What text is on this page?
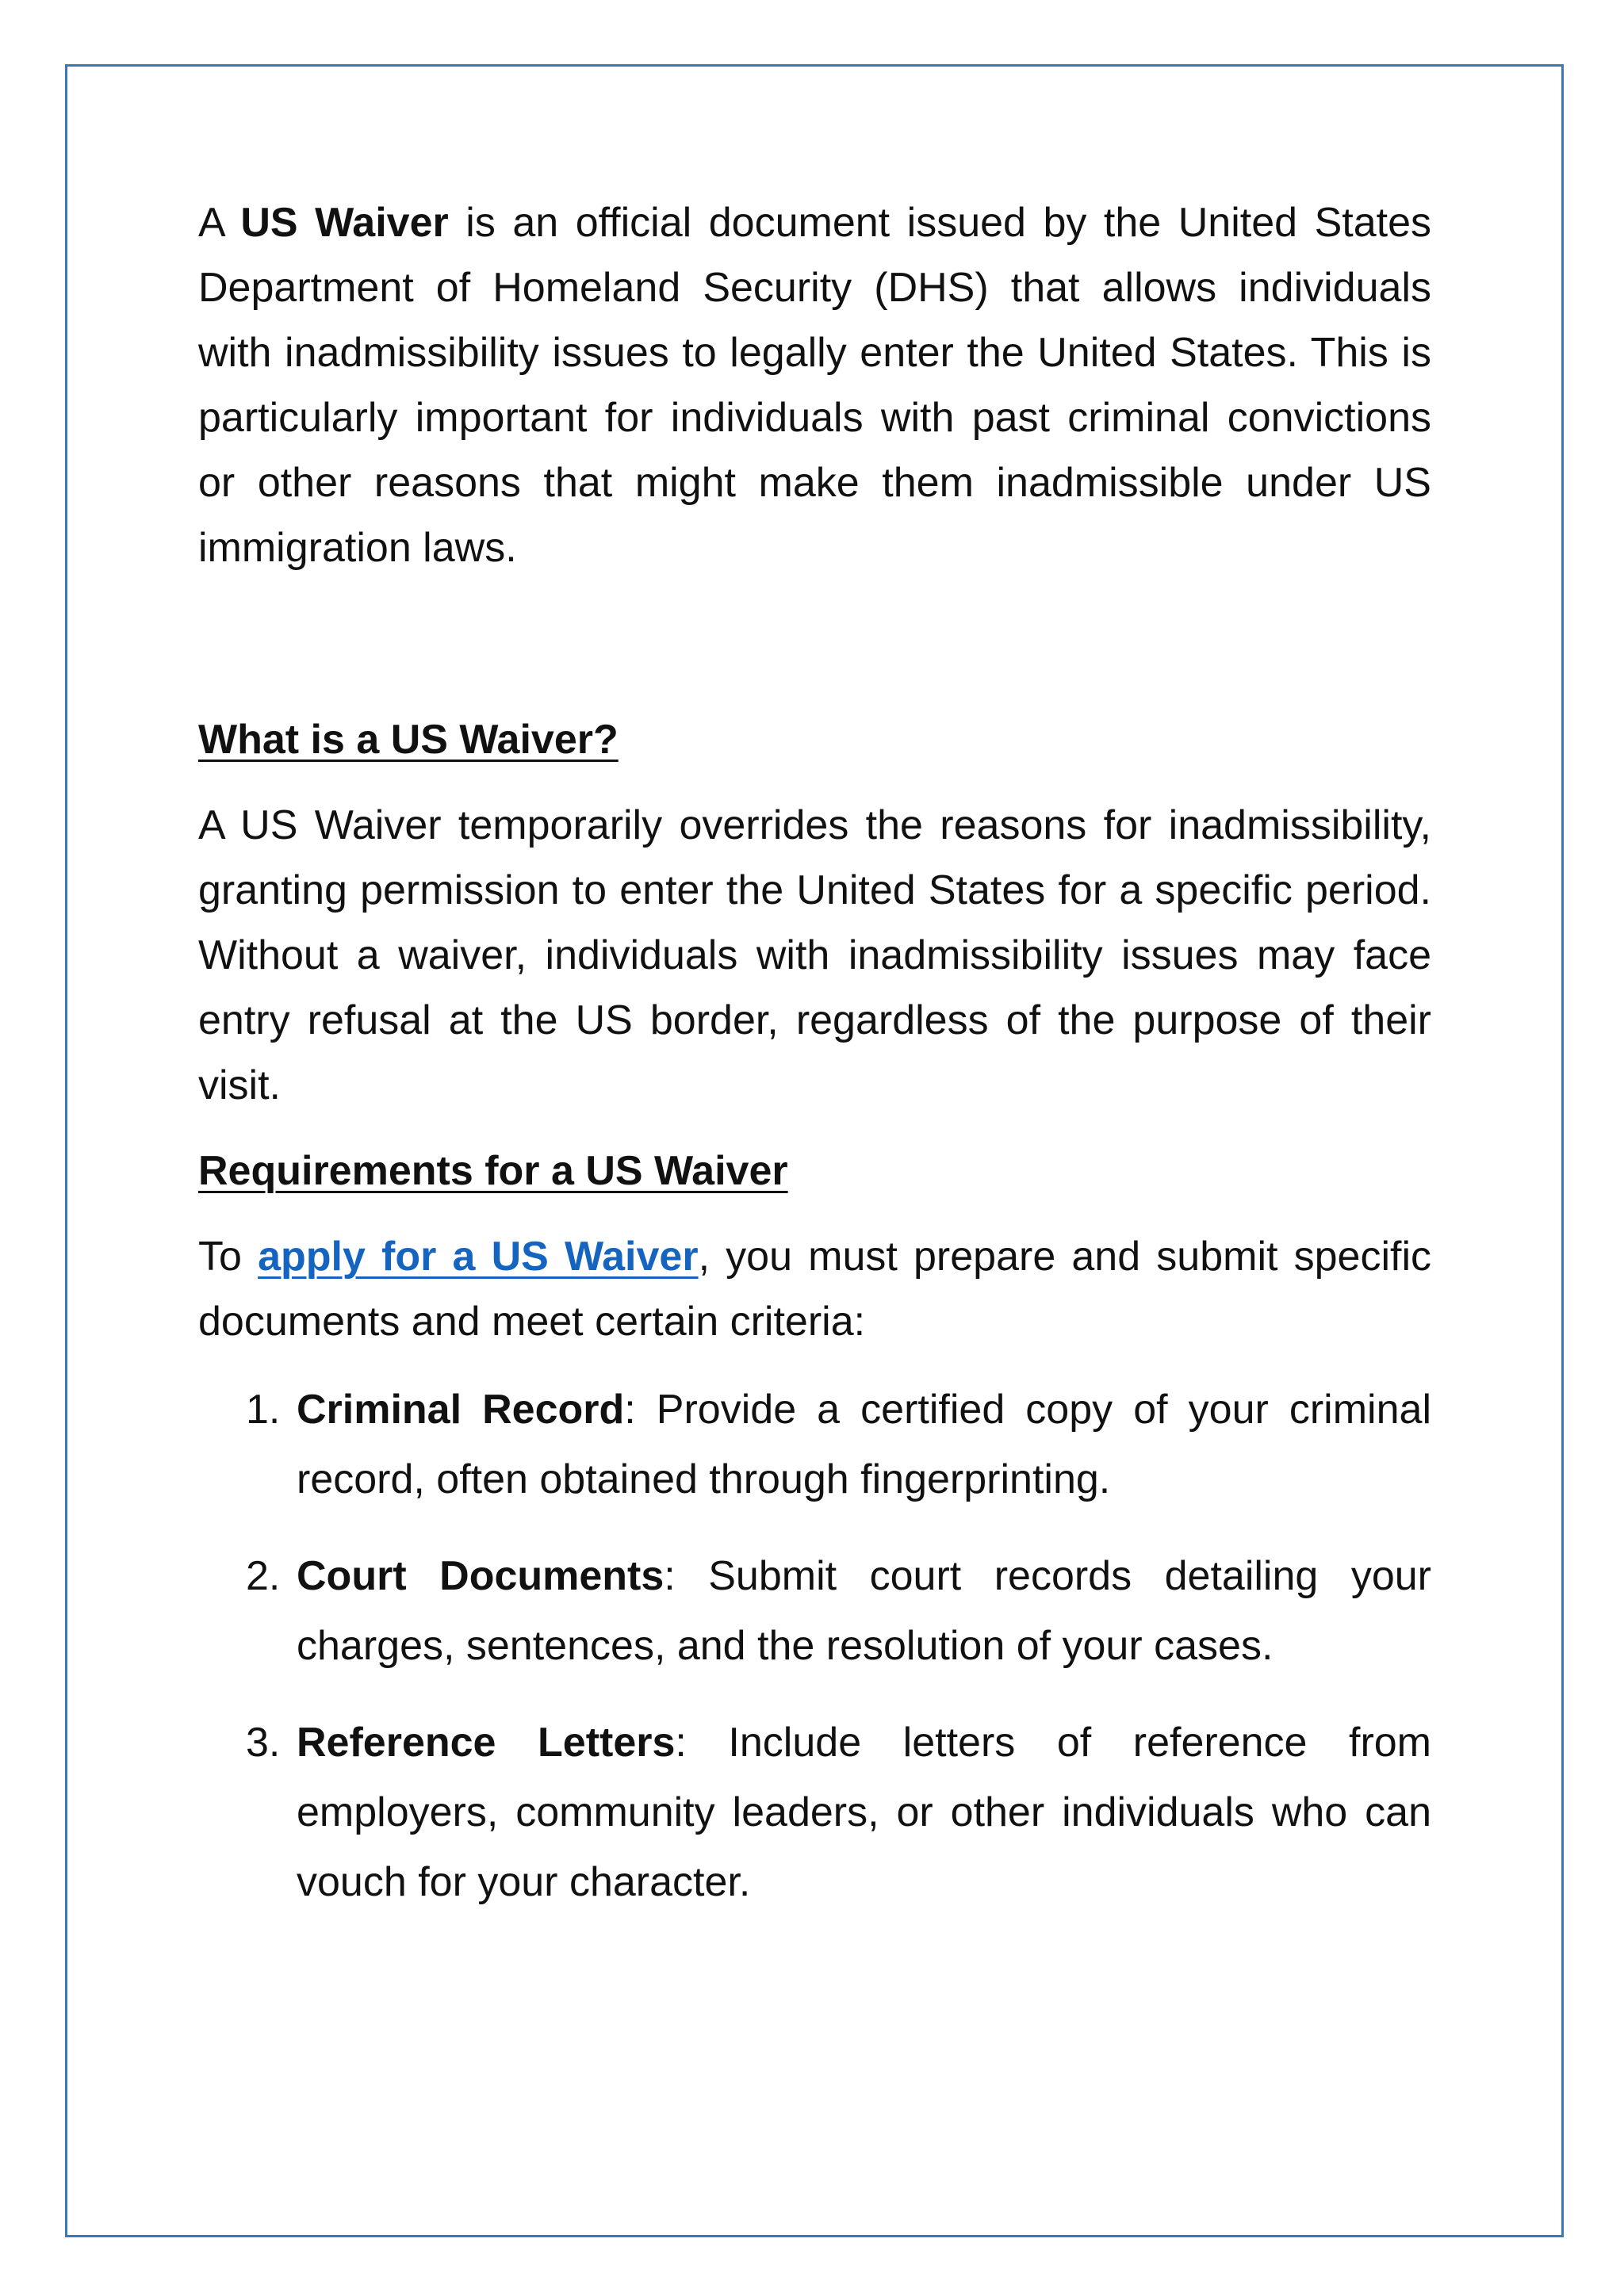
A US Waiver is an official document issued by the United States Department of Homeland Security (DHS) that allows individuals with inadmissibility issues to legally enter the United States. This is particularly important for individuals with past criminal convictions or other reasons that might make them inadmissible under US immigration laws.

What is a US Waiver?

A US Waiver temporarily overrides the reasons for inadmissibility, granting permission to enter the United States for a specific period. Without a waiver, individuals with inadmissibility issues may face entry refusal at the US border, regardless of the purpose of their visit.

Requirements for a US Waiver

To apply for a US Waiver, you must prepare and submit specific documents and meet certain criteria:

1. Criminal Record: Provide a certified copy of your criminal record, often obtained through fingerprinting.
2. Court Documents: Submit court records detailing your charges, sentences, and the resolution of your cases.
3. Reference Letters: Include letters of reference from employers, community leaders, or other individuals who can vouch for your character.
